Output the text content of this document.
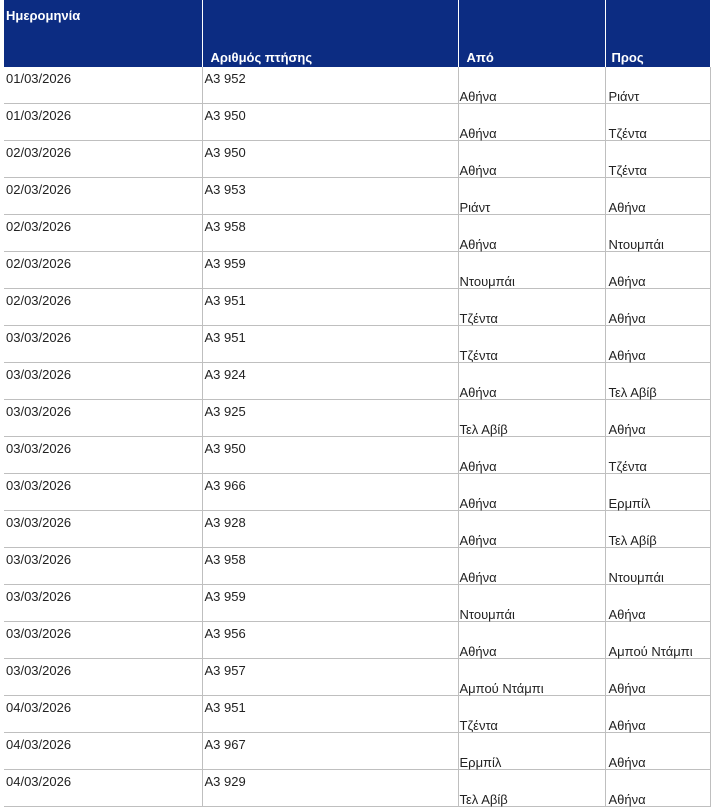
Ημερομηνία	Αριθμός πτήσης	Από	Προς

01/03/2026	A3 952	Αθήνα	Ριάντ

01/03/2026	A3 950	Αθήνα	Τζέντα

02/03/2026	A3 950	Αθήνα	Τζέντα

02/03/2026	A3 953	Ριάντ	Αθήνα

02/03/2026	A3 958	Αθήνα	Ντουμπάι

02/03/2026	A3 959	Ντουμπάι	Αθήνα

02/03/2026	A3 951	Τζέντα	Αθήνα

03/03/2026	A3 951	Τζέντα	Αθήνα

03/03/2026	A3 924	Αθήνα	Τελ Αβίβ

03/03/2026	A3 925	Τελ Αβίβ	Αθήνα

03/03/2026	A3 950	Αθήνα	Τζέντα

03/03/2026	A3 966	Αθήνα	Ερμπίλ

03/03/2026	A3 928	Αθήνα	Τελ Αβίβ

03/03/2026	A3 958	Αθήνα	Ντουμπάι

03/03/2026	A3 959	Ντουμπάι	Αθήνα

03/03/2026	A3 956	Αθήνα	Αμπού Ντάμπι

03/03/2026	A3 957	Αμπού Ντάμπι	Αθήνα

04/03/2026	A3 951	Τζέντα	Αθήνα

04/03/2026	A3 967	Ερμπίλ	Αθήνα

04/03/2026	A3 929	Τελ Αβίβ	Αθήνα
